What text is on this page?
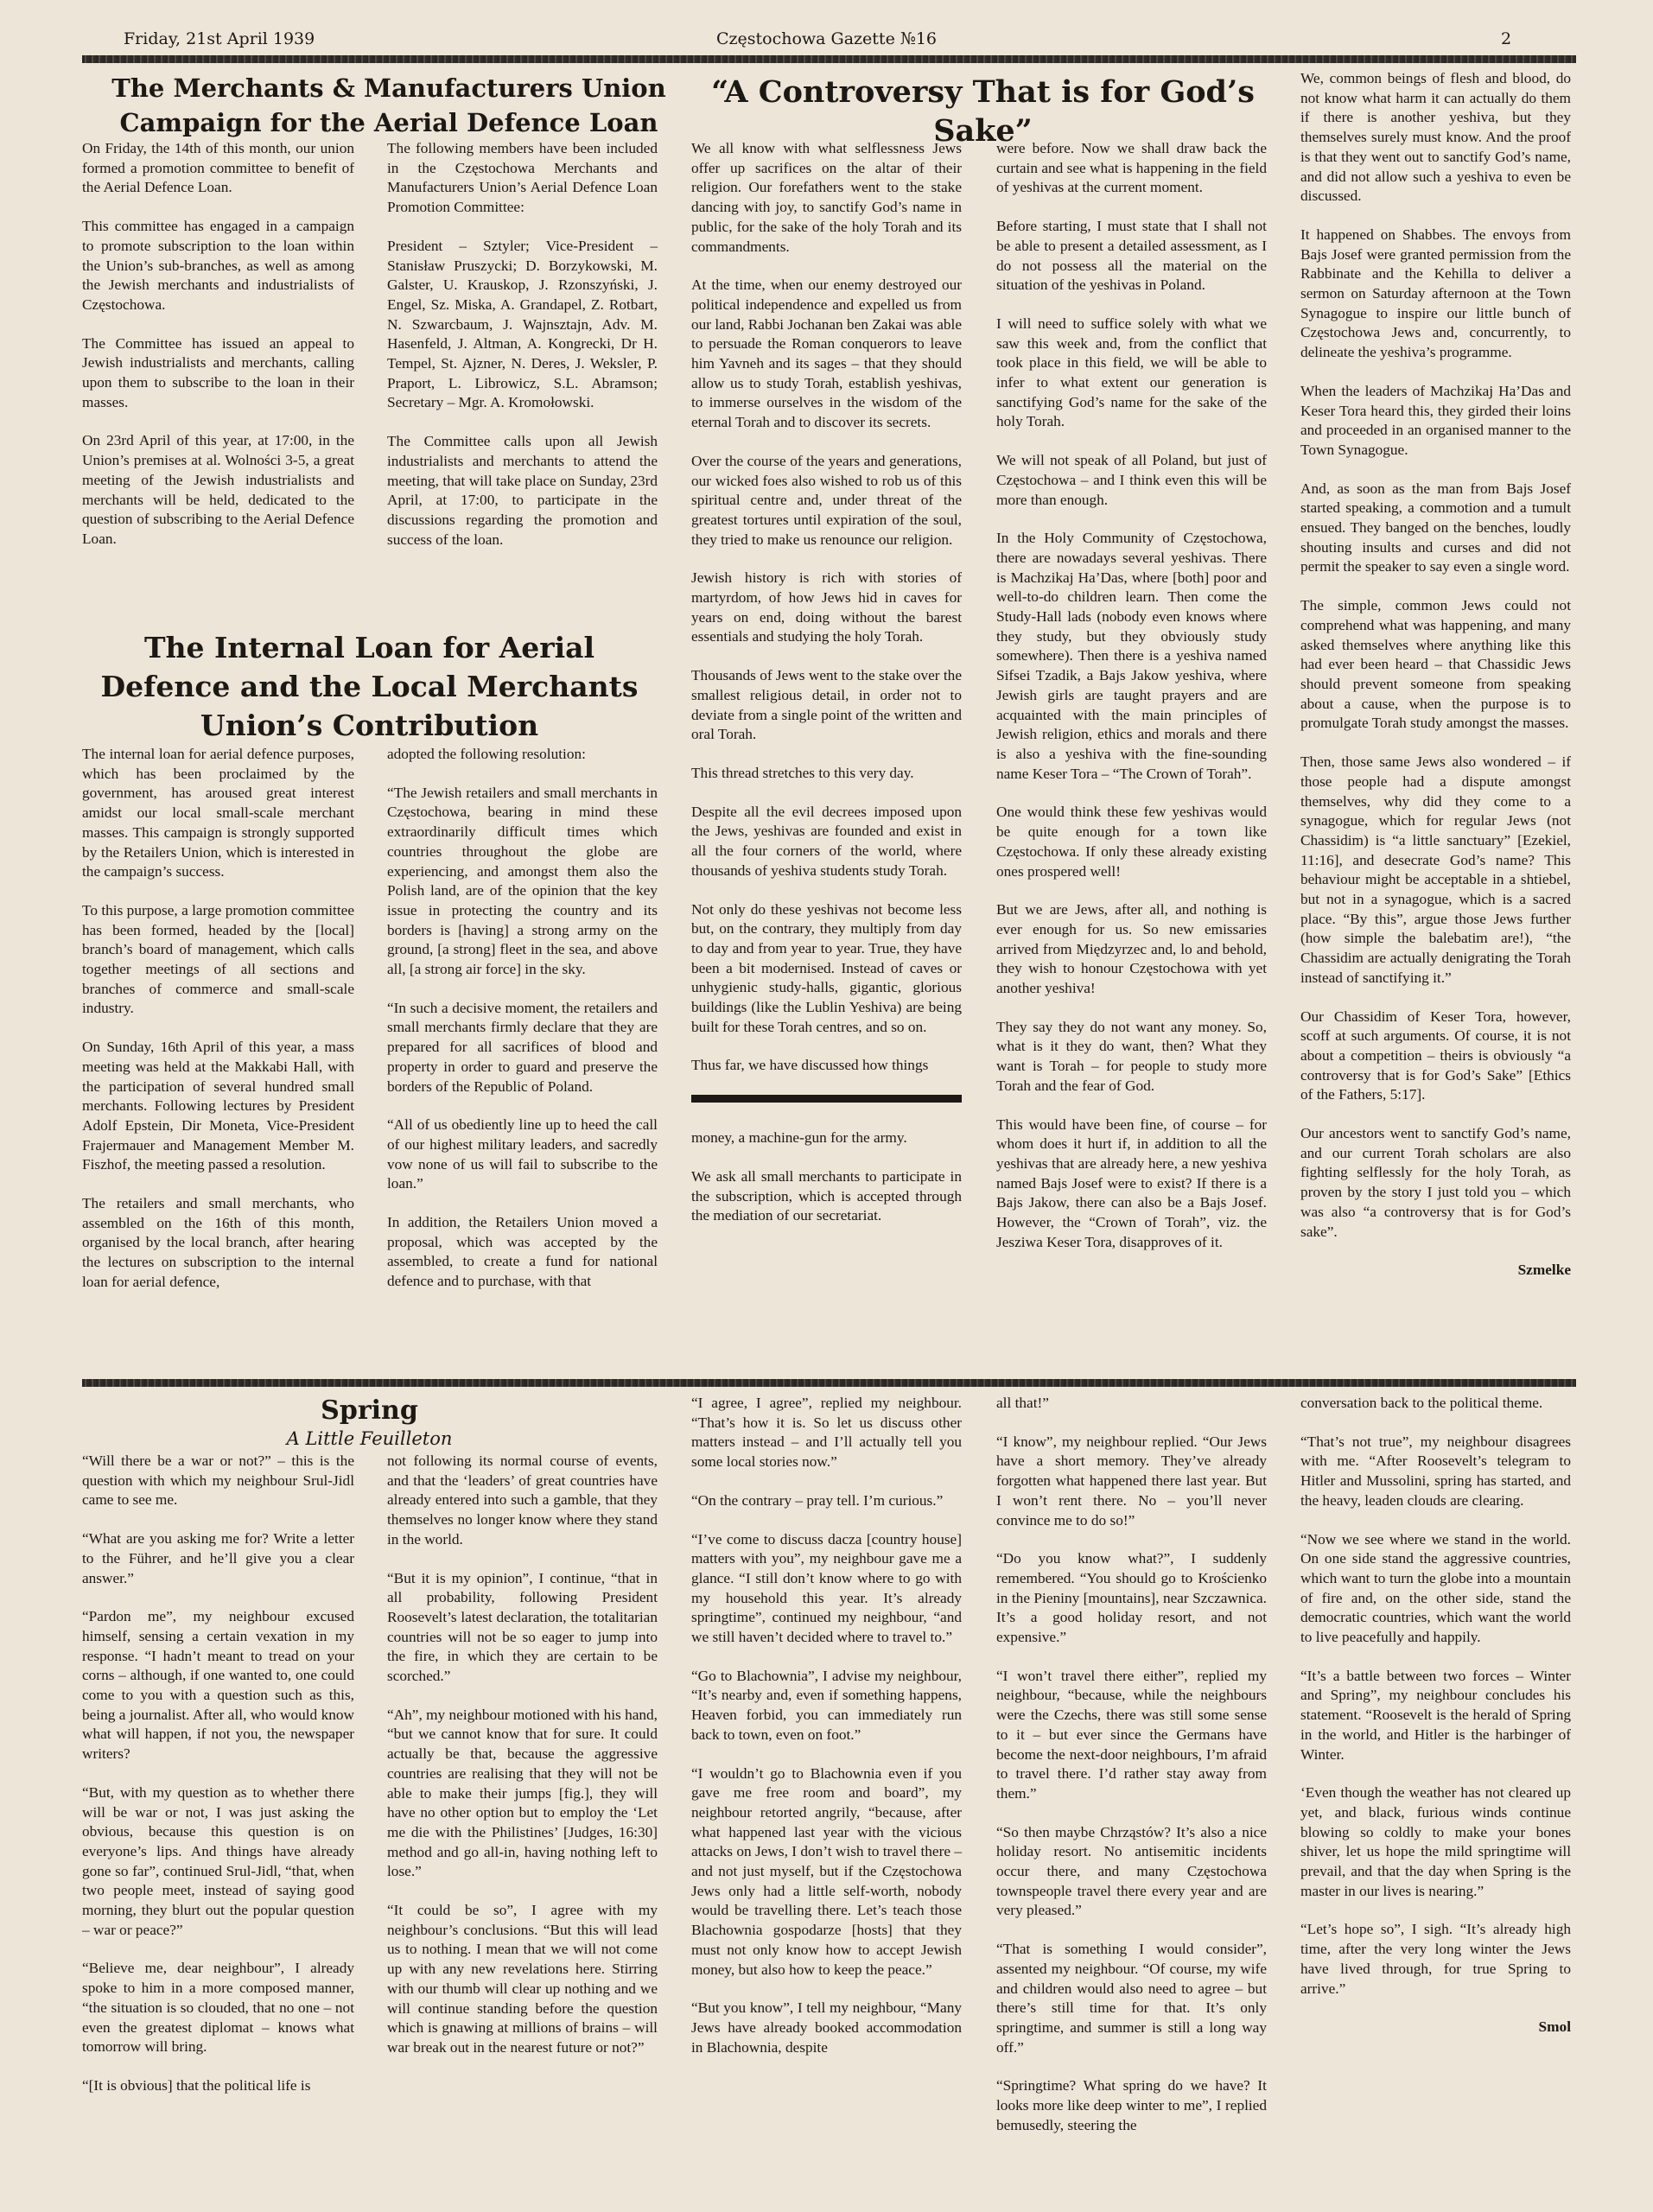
Friday, 21st April 1939	Częstochowa Gazette №16	2
The Merchants & Manufacturers Union Campaign for the Aerial Defence Loan

On Friday, the 14th of this month, our union formed a promotion committee to benefit of the Aerial Defence Loan.

This committee has engaged in a campaign to promote subscription to the loan within the Union’s sub-branches, as well as among the Jewish merchants and industrialists of Częstochowa.

The Committee has issued an appeal to Jewish industrialists and merchants, calling upon them to subscribe to the loan in their masses.

On 23rd April of this year, at 17:00, in the Union’s premises at al. Wolności 3-5, a great meeting of the Jewish industrialists and merchants will be held, dedicated to the question of subscribing to the Aerial Defence Loan.

The following members have been included in the Częstochowa Merchants and Manufacturers Union’s Aerial Defence Loan Promotion Committee:

President – Sztyler; Vice-President – Stanisław Pruszycki; D. Borzykowski, M. Galster, U. Krauskop, J. Rzonszyński, J. Engel, Sz. Miska, A. Grandapel, Z. Rotbart, N. Szwarcbaum, J. Wajnsztajn, Adv. M. Hasenfeld, J. Altman, A. Kongrecki, Dr H. Tempel, St. Ajzner, N. Deres, J. Weksler, P. Praport, L. Librowicz, S.L. Abramson; Secretary – Mgr. A. Kromołowski.

The Committee calls upon all Jewish industrialists and merchants to attend the meeting, that will take place on Sunday, 23rd April, at 17:00, to participate in the discussions regarding the promotion and success of the loan.

The Internal Loan for Aerial Defence and the Local Merchants Union’s Contribution

The internal loan for aerial defence purposes, which has been proclaimed by the government, has aroused great interest amidst our local small-scale merchant masses. This campaign is strongly supported by the Retailers Union, which is interested in the campaign’s success.

To this purpose, a large promotion committee has been formed, headed by the [local] branch’s board of management, which calls together meetings of all sections and branches of commerce and small-scale industry.

On Sunday, 16th April of this year, a mass meeting was held at the Makkabi Hall, with the participation of several hundred small merchants. Following lectures by President Adolf Epstein, Dir Moneta, Vice-President Frajermauer and Management Member M. Fiszhof, the meeting passed a resolution.

The retailers and small merchants, who assembled on the 16th of this month, organised by the local branch, after hearing the lectures on subscription to the internal loan for aerial defence,

adopted the following resolution:

“The Jewish retailers and small merchants in Częstochowa, bearing in mind these extraordinarily difficult times which countries throughout the globe are experiencing, and amongst them also the Polish land, are of the opinion that the key issue in protecting the country and its borders is [having] a strong army on the ground, [a strong] fleet in the sea, and above all, [a strong air force] in the sky.

“In such a decisive moment, the retailers and small merchants firmly declare that they are prepared for all sacrifices of blood and property in order to guard and preserve the borders of the Republic of Poland.

“All of us obediently line up to heed the call of our highest military leaders, and sacredly vow none of us will fail to subscribe to the loan.”

In addition, the Retailers Union moved a proposal, which was accepted by the assembled, to create a fund for national defence and to purchase, with that

“A Controversy That is for God’s Sake”

We all know with what selflessness Jews offer up sacrifices on the altar of their religion. Our forefathers went to the stake dancing with joy, to sanctify God’s name in public, for the sake of the holy Torah and its commandments.

At the time, when our enemy destroyed our political independence and expelled us from our land, Rabbi Jochanan ben Zakai was able to persuade the Roman conquerors to leave him Yavneh and its sages – that they should allow us to study Torah, establish yeshivas, to immerse ourselves in the wisdom of the eternal Torah and to discover its secrets.

Over the course of the years and generations, our wicked foes also wished to rob us of this spiritual centre and, under threat of the greatest tortures until expiration of the soul, they tried to make us renounce our religion.

Jewish history is rich with stories of martyrdom, of how Jews hid in caves for years on end, doing without the barest essentials and studying the holy Torah.

Thousands of Jews went to the stake over the smallest religious detail, in order not to deviate from a single point of the written and oral Torah.

This thread stretches to this very day.

Despite all the evil decrees imposed upon the Jews, yeshivas are founded and exist in all the four corners of the world, where thousands of yeshiva students study Torah.

Not only do these yeshivas not become less but, on the contrary, they multiply from day to day and from year to year. True, they have been a bit modernised. Instead of caves or unhygienic study-halls, gigantic, glorious buildings (like the Lublin Yeshiva) are being built for these Torah centres, and so on.

Thus far, we have discussed how things

money, a machine-gun for the army.

We ask all small merchants to participate in the subscription, which is accepted through the mediation of our secretariat.

were before. Now we shall draw back the curtain and see what is happening in the field of yeshivas at the current moment.

Before starting, I must state that I shall not be able to present a detailed assessment, as I do not possess all the material on the situation of the yeshivas in Poland.

I will need to suffice solely with what we saw this week and, from the conflict that took place in this field, we will be able to infer to what extent our generation is sanctifying God’s name for the sake of the holy Torah.

We will not speak of all Poland, but just of Częstochowa – and I think even this will be more than enough.

In the Holy Community of Częstochowa, there are nowadays several yeshivas. There is Machzikaj Ha’Das, where [both] poor and well-to-do children learn. Then come the Study-Hall lads (nobody even knows where they study, but they obviously study somewhere). Then there is a yeshiva named Sifsei Tzadik, a Bajs Jakow yeshiva, where Jewish girls are taught prayers and are acquainted with the main principles of Jewish religion, ethics and morals and there is also a yeshiva with the fine-sounding name Keser Tora – “The Crown of Torah”.

One would think these few yeshivas would be quite enough for a town like Częstochowa. If only these already existing ones prospered well!

But we are Jews, after all, and nothing is ever enough for us. So new emissaries arrived from Międzyrzec and, lo and behold, they wish to honour Częstochowa with yet another yeshiva!

They say they do not want any money. So, what is it they do want, then? What they want is Torah – for people to study more Torah and the fear of God.

This would have been fine, of course – for whom does it hurt if, in addition to all the yeshivas that are already here, a new yeshiva named Bajs Josef were to exist? If there is a Bajs Jakow, there can also be a Bajs Josef. However, the “Crown of Torah”, viz. the Jesziwa Keser Tora, disapproves of it.

We, common beings of flesh and blood, do not know what harm it can actually do them if there is another yeshiva, but they themselves surely must know. And the proof is that they went out to sanctify God’s name, and did not allow such a yeshiva to even be discussed.

It happened on Shabbes. The envoys from Bajs Josef were granted permission from the Rabbinate and the Kehilla to deliver a sermon on Saturday afternoon at the Town Synagogue to inspire our little bunch of Częstochowa Jews and, concurrently, to delineate the yeshiva’s programme.

When the leaders of Machzikaj Ha’Das and Keser Tora heard this, they girded their loins and proceeded in an organised manner to the Town Synagogue.

And, as soon as the man from Bajs Josef started speaking, a commotion and a tumult ensued. They banged on the benches, loudly shouting insults and curses and did not permit the speaker to say even a single word.

The simple, common Jews could not comprehend what was happening, and many asked themselves where anything like this had ever been heard – that Chassidic Jews should prevent someone from speaking about a cause, when the purpose is to promulgate Torah study amongst the masses.

Then, those same Jews also wondered – if those people had a dispute amongst themselves, why did they come to a synagogue, which for regular Jews (not Chassidim) is “a little sanctuary” [Ezekiel, 11:16], and desecrate God’s name? This behaviour might be acceptable in a shtiebel, but not in a synagogue, which is a sacred place. “By this”, argue those Jews further (how simple the balebatim are!), “the Chassidim are actually denigrating the Torah instead of sanctifying it.”

Our Chassidim of Keser Tora, however, scoff at such arguments. Of course, it is not about a competition – theirs is obviously “a controversy that is for God’s Sake” [Ethics of the Fathers, 5:17].

Our ancestors went to sanctify God’s name, and our current Torah scholars are also fighting selflessly for the holy Torah, as proven by the story I just told you – which was also “a controversy that is for God’s sake”.

Szmelke

Spring
A Little Feuilleton

“Will there be a war or not?” – this is the question with which my neighbour Srul-Jidl came to see me.

“What are you asking me for? Write a letter to the Führer, and he’ll give you a clear answer.”

“Pardon me”, my neighbour excused himself, sensing a certain vexation in my response. “I hadn’t meant to tread on your corns – although, if one wanted to, one could come to you with a question such as this, being a journalist. After all, who would know what will happen, if not you, the newspaper writers?

“But, with my question as to whether there will be war or not, I was just asking the obvious, because this question is on everyone’s lips. And things have already gone so far”, continued Srul-Jidl, “that, when two people meet, instead of saying good morning, they blurt out the popular question – war or peace?”

“Believe me, dear neighbour”, I already spoke to him in a more composed manner, “the situation is so clouded, that no one – not even the greatest diplomat – knows what tomorrow will bring.

“[It is obvious] that the political life is

not following its normal course of events, and that the ‘leaders’ of great countries have already entered into such a gamble, that they themselves no longer know where they stand in the world.

“But it is my opinion”, I continue, “that in all probability, following President Roosevelt’s latest declaration, the totalitarian countries will not be so eager to jump into the fire, in which they are certain to be scorched.”

“Ah”, my neighbour motioned with his hand, “but we cannot know that for sure. It could actually be that, because the aggressive countries are realising that they will not be able to make their jumps [fig.], they will have no other option but to employ the ‘Let me die with the Philistines’ [Judges, 16:30] method and go all-in, having nothing left to lose.”

“It could be so”, I agree with my neighbour’s conclusions. “But this will lead us to nothing. I mean that we will not come up with any new revelations here. Stirring with our thumb will clear up nothing and we will continue standing before the question which is gnawing at millions of brains – will war break out in the nearest future or not?”

“I agree, I agree”, replied my neighbour. “That’s how it is. So let us discuss other matters instead – and I’ll actually tell you some local stories now.”

“On the contrary – pray tell. I’m curious.”

“I’ve come to discuss dacza [country house] matters with you”, my neighbour gave me a glance. “I still don’t know where to go with my household this year. It’s already springtime”, continued my neighbour, “and we still haven’t decided where to travel to.”

“Go to Blachownia”, I advise my neighbour, “It’s nearby and, even if something happens, Heaven forbid, you can immediately run back to town, even on foot.”

“I wouldn’t go to Blachownia even if you gave me free room and board”, my neighbour retorted angrily, “because, after what happened last year with the vicious attacks on Jews, I don’t wish to travel there – and not just myself, but if the Częstochowa Jews only had a little self-worth, nobody would be travelling there. Let’s teach those Blachownia gospodarze [hosts] that they must not only know how to accept Jewish money, but also how to keep the peace.”

“But you know”, I tell my neighbour, “Many Jews have already booked accommodation in Blachownia, despite

all that!”

“I know”, my neighbour replied. “Our Jews have a short memory. They’ve already forgotten what happened there last year. But I won’t rent there. No – you’ll never convince me to do so!”

“Do you know what?”, I suddenly remembered. “You should go to Krościenko in the Pieniny [mountains], near Szczawnica. It’s a good holiday resort, and not expensive.”

“I won’t travel there either”, replied my neighbour, “because, while the neighbours were the Czechs, there was still some sense to it – but ever since the Germans have become the next-door neighbours, I’m afraid to travel there. I’d rather stay away from them.”

“So then maybe Chrząstów? It’s also a nice holiday resort. No antisemitic incidents occur there, and many Częstochowa townspeople travel there every year and are very pleased.”

“That is something I would consider”, assented my neighbour. “Of course, my wife and children would also need to agree – but there’s still time for that. It’s only springtime, and summer is still a long way off.”

“Springtime? What spring do we have? It looks more like deep winter to me”, I replied bemusedly, steering the

conversation back to the political theme.

“That’s not true”, my neighbour disagrees with me. “After Roosevelt’s telegram to Hitler and Mussolini, spring has started, and the heavy, leaden clouds are clearing.

“Now we see where we stand in the world. On one side stand the aggressive countries, which want to turn the globe into a mountain of fire and, on the other side, stand the democratic countries, which want the world to live peacefully and happily.

“It’s a battle between two forces – Winter and Spring”, my neighbour concludes his statement. “Roosevelt is the herald of Spring in the world, and Hitler is the harbinger of Winter.

‘Even though the weather has not cleared up yet, and black, furious winds continue blowing so coldly to make your bones shiver, let us hope the mild springtime will prevail, and that the day when Spring is the master in our lives is nearing.”

“Let’s hope so”, I sigh. “It’s already high time, after the very long winter the Jews have lived through, for true Spring to arrive.”

Smol
